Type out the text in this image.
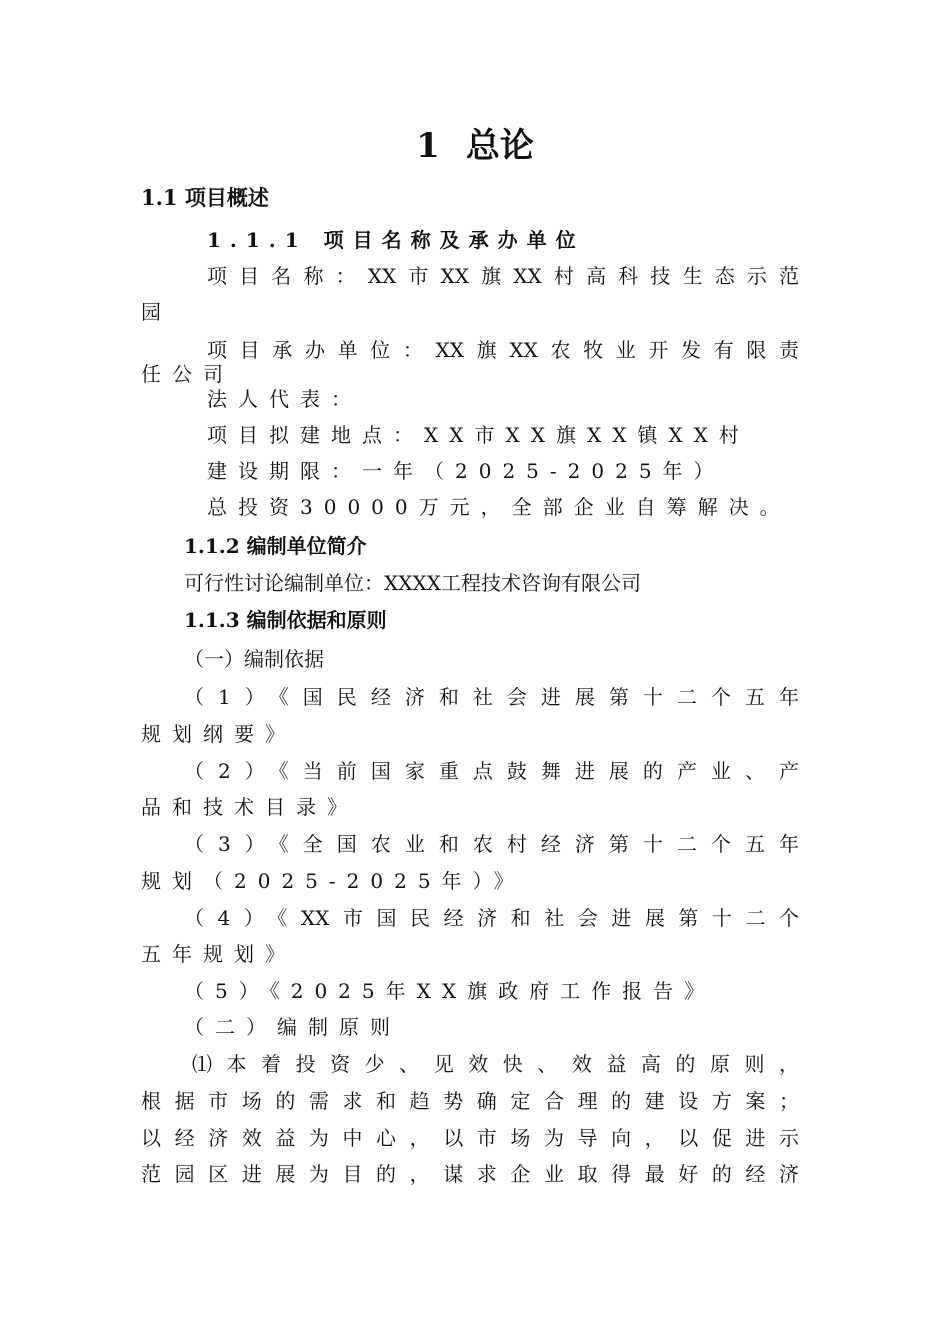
1 总论
1.1 项目概述
1.1.1 项目名称及承办单位
项目名称：XX市XX旗XX村高科技生态示范
园
项目承办单位：XX旗XX农牧业开发有限责
任公司
法人代表：
项目拟建地点：XX市XX旗XX镇XX村
建设期限：一年（2025-2025年）
总投资30000万元，全部企业自筹解决。
1.1.2 编制单位简介
可行性讨论编制单位：XXXX工程技术咨询有限公司
1.1.3 编制依据和原则
（一）编制依据
（1）《国民经济和社会进展第十二个五年
规划纲要》
（2）《当前国家重点鼓舞进展的产业、产
品和技术目录》
（3）《全国农业和农村经济第十二个五年
规划（2025-2025年）》
（4）《XX市国民经济和社会进展第十二个
五年规划》
（5）《2025年XX旗政府工作报告》
（二）编制原则
⑴本着投资少、见效快、效益高的原则，
根据市场的需求和趋势确定合理的建设方案；
以经济效益为中心，以市场为导向，以促进示
范园区进展为目的，谋求企业取得最好的经济
